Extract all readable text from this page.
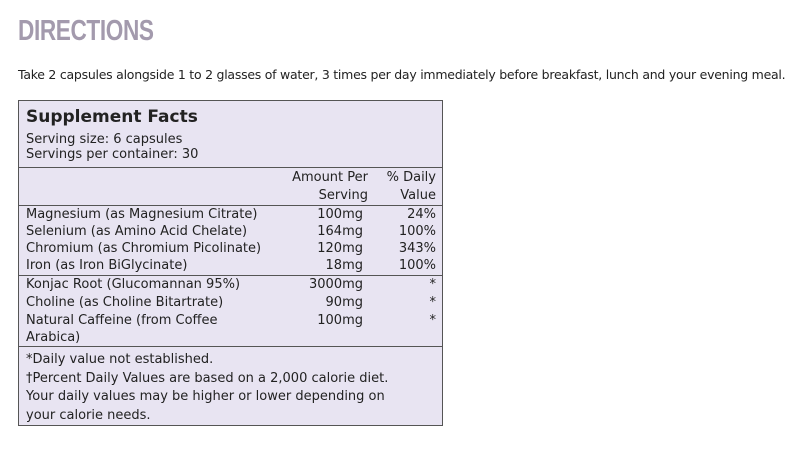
DIRECTIONS

Take 2 capsules alongside 1 to 2 glasses of water, 3 times per day immediately before breakfast, lunch and your evening meal.

Supplement Facts
Serving size: 6 capsules
Servings per container: 30
Amount Per
Serving
% Daily
Value
Magnesium (as Magnesium Citrate)	100mg	24%
Selenium (as Amino Acid Chelate)	164mg	100%
Chromium (as Chromium Picolinate)	120mg	343%
Iron (as Iron BiGlycinate)	18mg	100%
Konjac Root (Glucomannan 95%)	3000mg	*
Choline (as Choline Bitartrate)	90mg	*
Natural Caffeine (from Coffee
Arabica)
100mg	*

*Daily value not established.

†Percent Daily Values are based on a 2,000 calorie diet.

Your daily values may be higher or lower depending on

your calorie needs.
